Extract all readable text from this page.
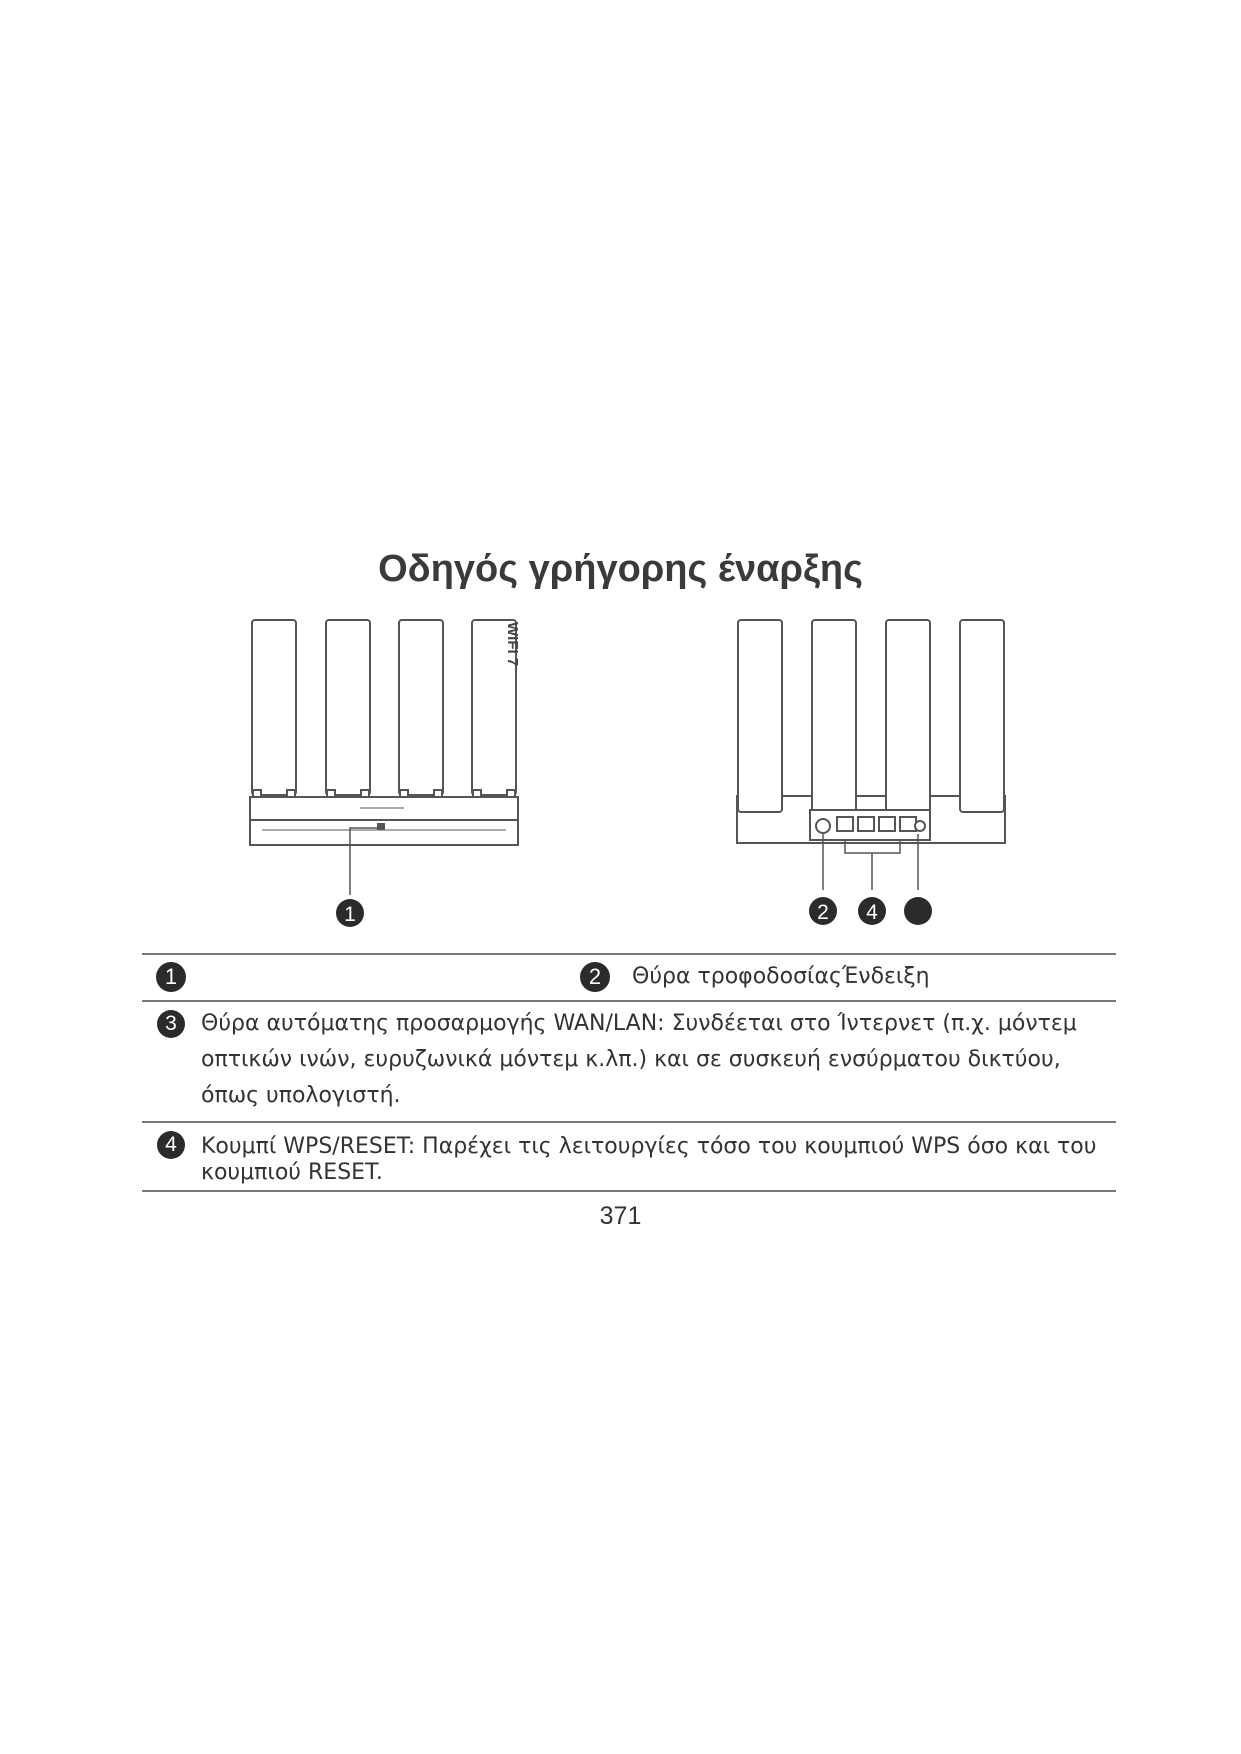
Οδηγός γρήγορης έναρξης
WIFI 7
1	2 4
1	2	Θύρα τροφοδοσίαςΈνδειξη
3	Θύρα αυτόματης προσαρμογής WAN/LAN: Συνδέεται στο Ίντερνετ (π.χ. μόντεμ οπτικών ινών, ευρυζωνικά μόντεμ κ.λπ.) και σε συσκευή ενσύρματου δικτύου, όπως υπολογιστή.
4	Κουμπί WPS/RESET: Παρέχει τις λειτουργίες τόσο του κουμπιού WPS όσο και του κουμπιού RESET.
371
